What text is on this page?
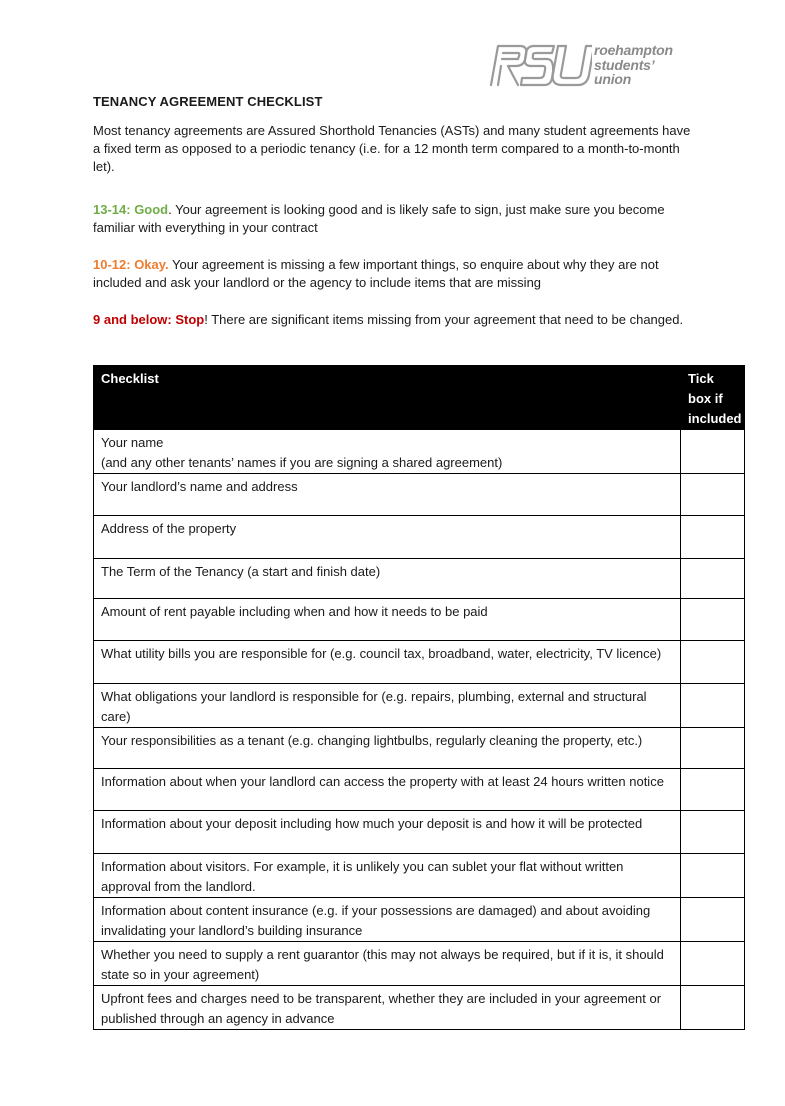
roehampton
students’
union
TENANCY AGREEMENT CHECKLIST
Most tenancy agreements are Assured Shorthold Tenancies (ASTs) and many student agreements have a fixed term as opposed to a periodic tenancy (i.e. for a 12 month term compared to a month-to-month let).
13-14: Good. Your agreement is looking good and is likely safe to sign, just make sure you become familiar with everything in your contract
10-12: Okay. Your agreement is missing a few important things, so enquire about why they are not included and ask your landlord or the agency to include items that are missing
9 and below: Stop! There are significant items missing from your agreement that need to be changed.
Checklist	Tick box if included

Your name
(and any other tenants’ names if you are signing a shared agreement)	

Your landlord’s name and address	

Address of the property	

The Term of the Tenancy (a start and finish date)	

Amount of rent payable including when and how it needs to be paid	

What utility bills you are responsible for (e.g. council tax, broadband, water, electricity, TV licence)	

What obligations your landlord is responsible for (e.g. repairs, plumbing, external and structural care)	

Your responsibilities as a tenant (e.g. changing lightbulbs, regularly cleaning the property, etc.)	

Information about when your landlord can access the property with at least 24 hours written notice	

Information about your deposit including how much your deposit is and how it will be protected	

Information about visitors. For example, it is unlikely you can sublet your flat without written approval from the landlord.	

Information about content insurance (e.g. if your possessions are damaged) and about avoiding invalidating your landlord’s building insurance	

Whether you need to supply a rent guarantor (this may not always be required, but if it is, it should state so in your agreement)	

Upfront fees and charges need to be transparent, whether they are included in your agreement or published through an agency in advance	
